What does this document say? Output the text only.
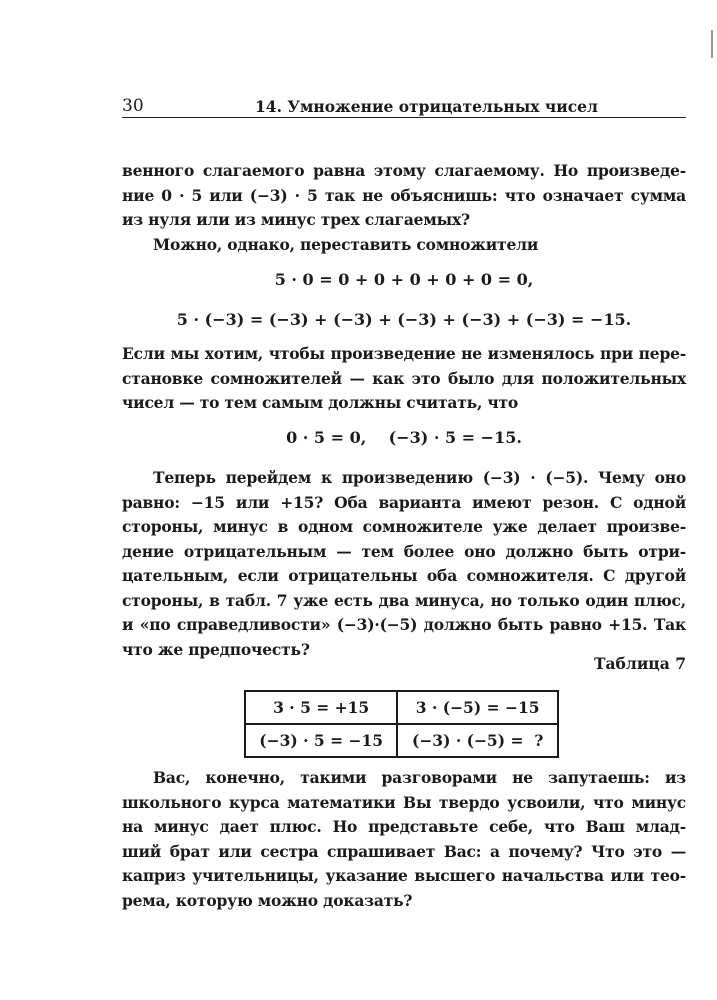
30	14. Умножение отрицательных чисел

венного слагаемого равна этому слагаемому. Но произведе-

ние 0 · 5 или (−3) · 5 так не объяснишь: что означает сумма

из нуля или из минус трех слагаемых?

Можно, однако, переставить сомножители

5 · 0 = 0 + 0 + 0 + 0 + 0 = 0,
5 · (−3) = (−3) + (−3) + (−3) + (−3) + (−3) = −15.

Если мы хотим, чтобы произведение не изменялось при пере-

становке сомножителей — как это было для положительных

чисел — то тем самым должны считать, что

0 · 5 = 0,    (−3) · 5 = −15.

Теперь перейдем к произведению (−3) · (−5). Чему оно

равно: −15 или +15? Оба варианта имеют резон. С одной

стороны, минус в одном сомножителе уже делает произве-

дение отрицательным — тем более оно должно быть отри-

цательным, если отрицательны оба сомножителя. С другой

стороны, в табл. 7 уже есть два минуса, но только один плюс,

и «по справедливости» (−3)·(−5) должно быть равно +15. Так

что же предпочесть?

Таблица 7
3 · 5 = +15	3 · (−5) = −15
(−3) · 5 = −15	(−3) · (−5) =  ?

Вас, конечно, такими разговорами не запутаешь: из

школьного курса математики Вы твердо усвоили, что минус

на минус дает плюс. Но представьте себе, что Ваш млад-

ший брат или сестра спрашивает Вас: а почему? Что это —

каприз учительницы, указание высшего начальства или тео-

рема, которую можно доказать?
